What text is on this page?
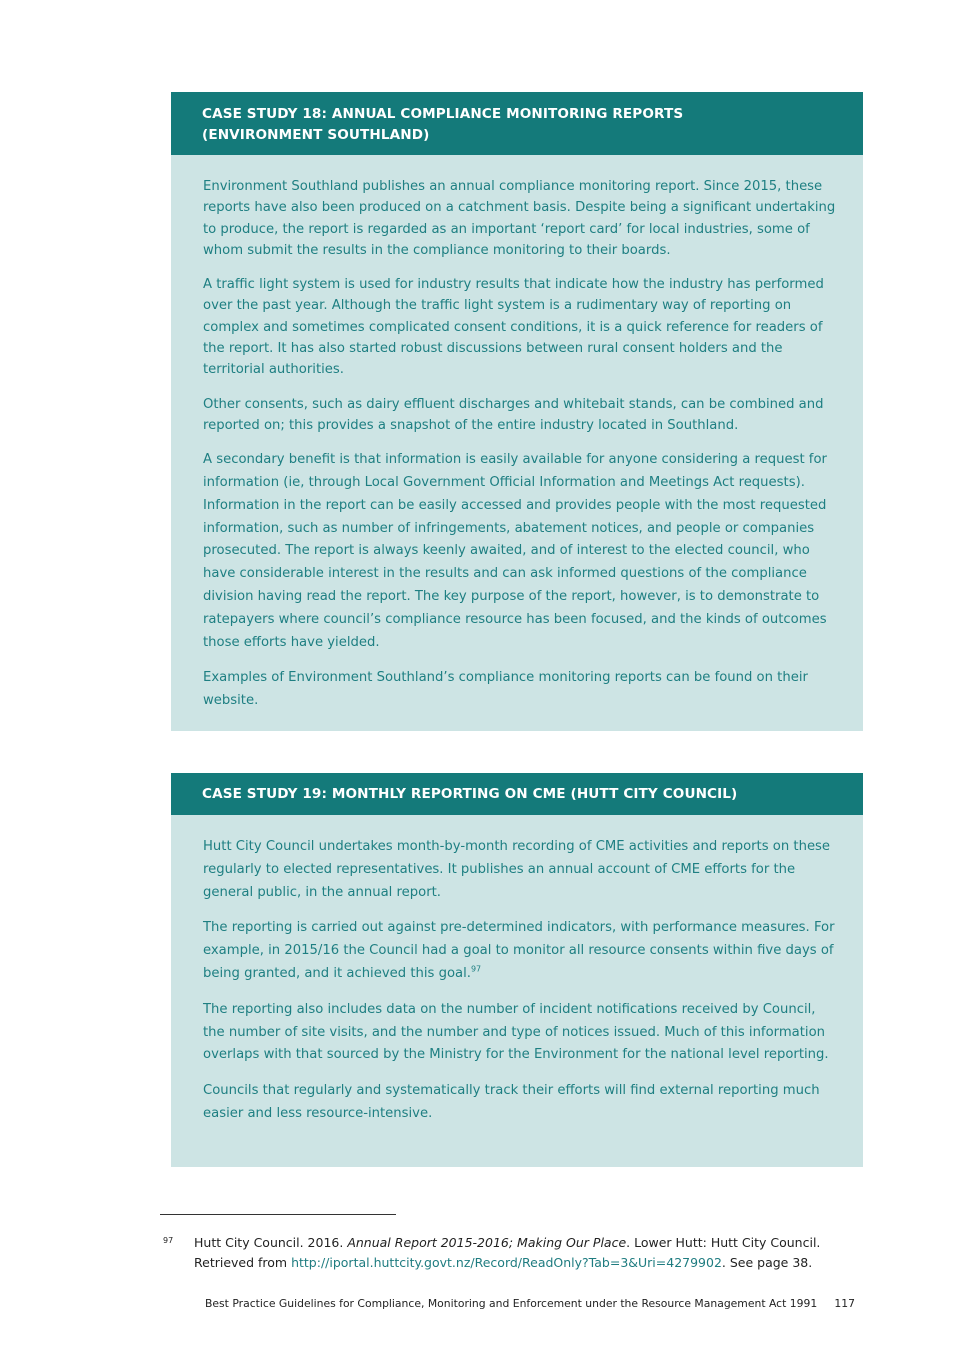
CASE STUDY 18: ANNUAL COMPLIANCE MONITORING REPORTS
(ENVIRONMENT SOUTHLAND)

Environment Southland publishes an annual compliance monitoring report. Since 2015, these reports have also been produced on a catchment basis. Despite being a significant undertaking to produce, the report is regarded as an important ‘report card’ for local industries, some of whom submit the results in the compliance monitoring to their boards.

A traffic light system is used for industry results that indicate how the industry has performed over the past year. Although the traffic light system is a rudimentary way of reporting on complex and sometimes complicated consent conditions, it is a quick reference for readers of the report. It has also started robust discussions between rural consent holders and the territorial authorities.

Other consents, such as dairy effluent discharges and whitebait stands, can be combined and reported on; this provides a snapshot of the entire industry located in Southland.

A secondary benefit is that information is easily available for anyone considering a request for information (ie, through Local Government Official Information and Meetings Act requests). Information in the report can be easily accessed and provides people with the most requested information, such as number of infringements, abatement notices, and people or companies prosecuted. The report is always keenly awaited, and of interest to the elected council, who have considerable interest in the results and can ask informed questions of the compliance division having read the report. The key purpose of the report, however, is to demonstrate to ratepayers where council’s compliance resource has been focused, and the kinds of outcomes those efforts have yielded.

Examples of Environment Southland’s compliance monitoring reports can be found on their website.

CASE STUDY 19: MONTHLY REPORTING ON CME (HUTT CITY COUNCIL)

Hutt City Council undertakes month-by-month recording of CME activities and reports on these regularly to elected representatives. It publishes an annual account of CME efforts for the general public, in the annual report.

The reporting is carried out against pre-determined indicators, with performance measures. For example, in 2015/16 the Council had a goal to monitor all resource consents within five days of being granted, and it achieved this goal.$^{97}$

The reporting also includes data on the number of incident notifications received by Council, the number of site visits, and the number and type of notices issued. Much of this information overlaps with that sourced by the Ministry for the Environment for the national level reporting.

Councils that regularly and systematically track their efforts will find external reporting much easier and less resource-intensive.

97 Hutt City Council. 2016. Annual Report 2015-2016; Making Our Place. Lower Hutt: Hutt City Council.
Retrieved from http://iportal.huttcity.govt.nz/Record/ReadOnly?Tab=3&Uri=4279902. See page 38.
Best Practice Guidelines for Compliance, Monitoring and Enforcement under the Resource Management Act 1991 117
